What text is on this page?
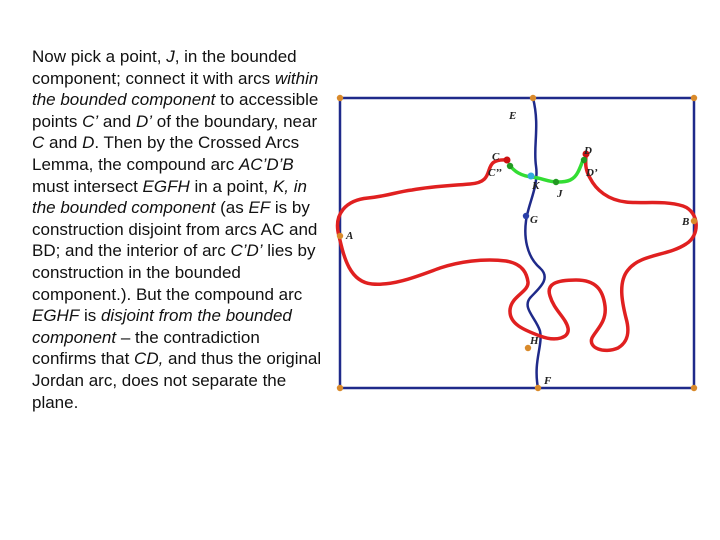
Now pick a point, J, in the bounded component; connect it with arcs within the bounded component to accessible points C’ and D’ of the boundary, near C and D. Then by the Crossed Arcs Lemma, the compound arc AC’D’B must intersect EGFH in a point, K, in the bounded component (as EF is by construction disjoint from arcs AC and BD; and the interior of arc C’D’ lies by construction in the bounded component.). But the compound arc EGHF is disjoint from the bounded component – the contradiction confirms that CD, and thus the original Jordan arc, does not separate the plane.
E
C
C’’
D
D’
K
J
G	B
A
H
F
